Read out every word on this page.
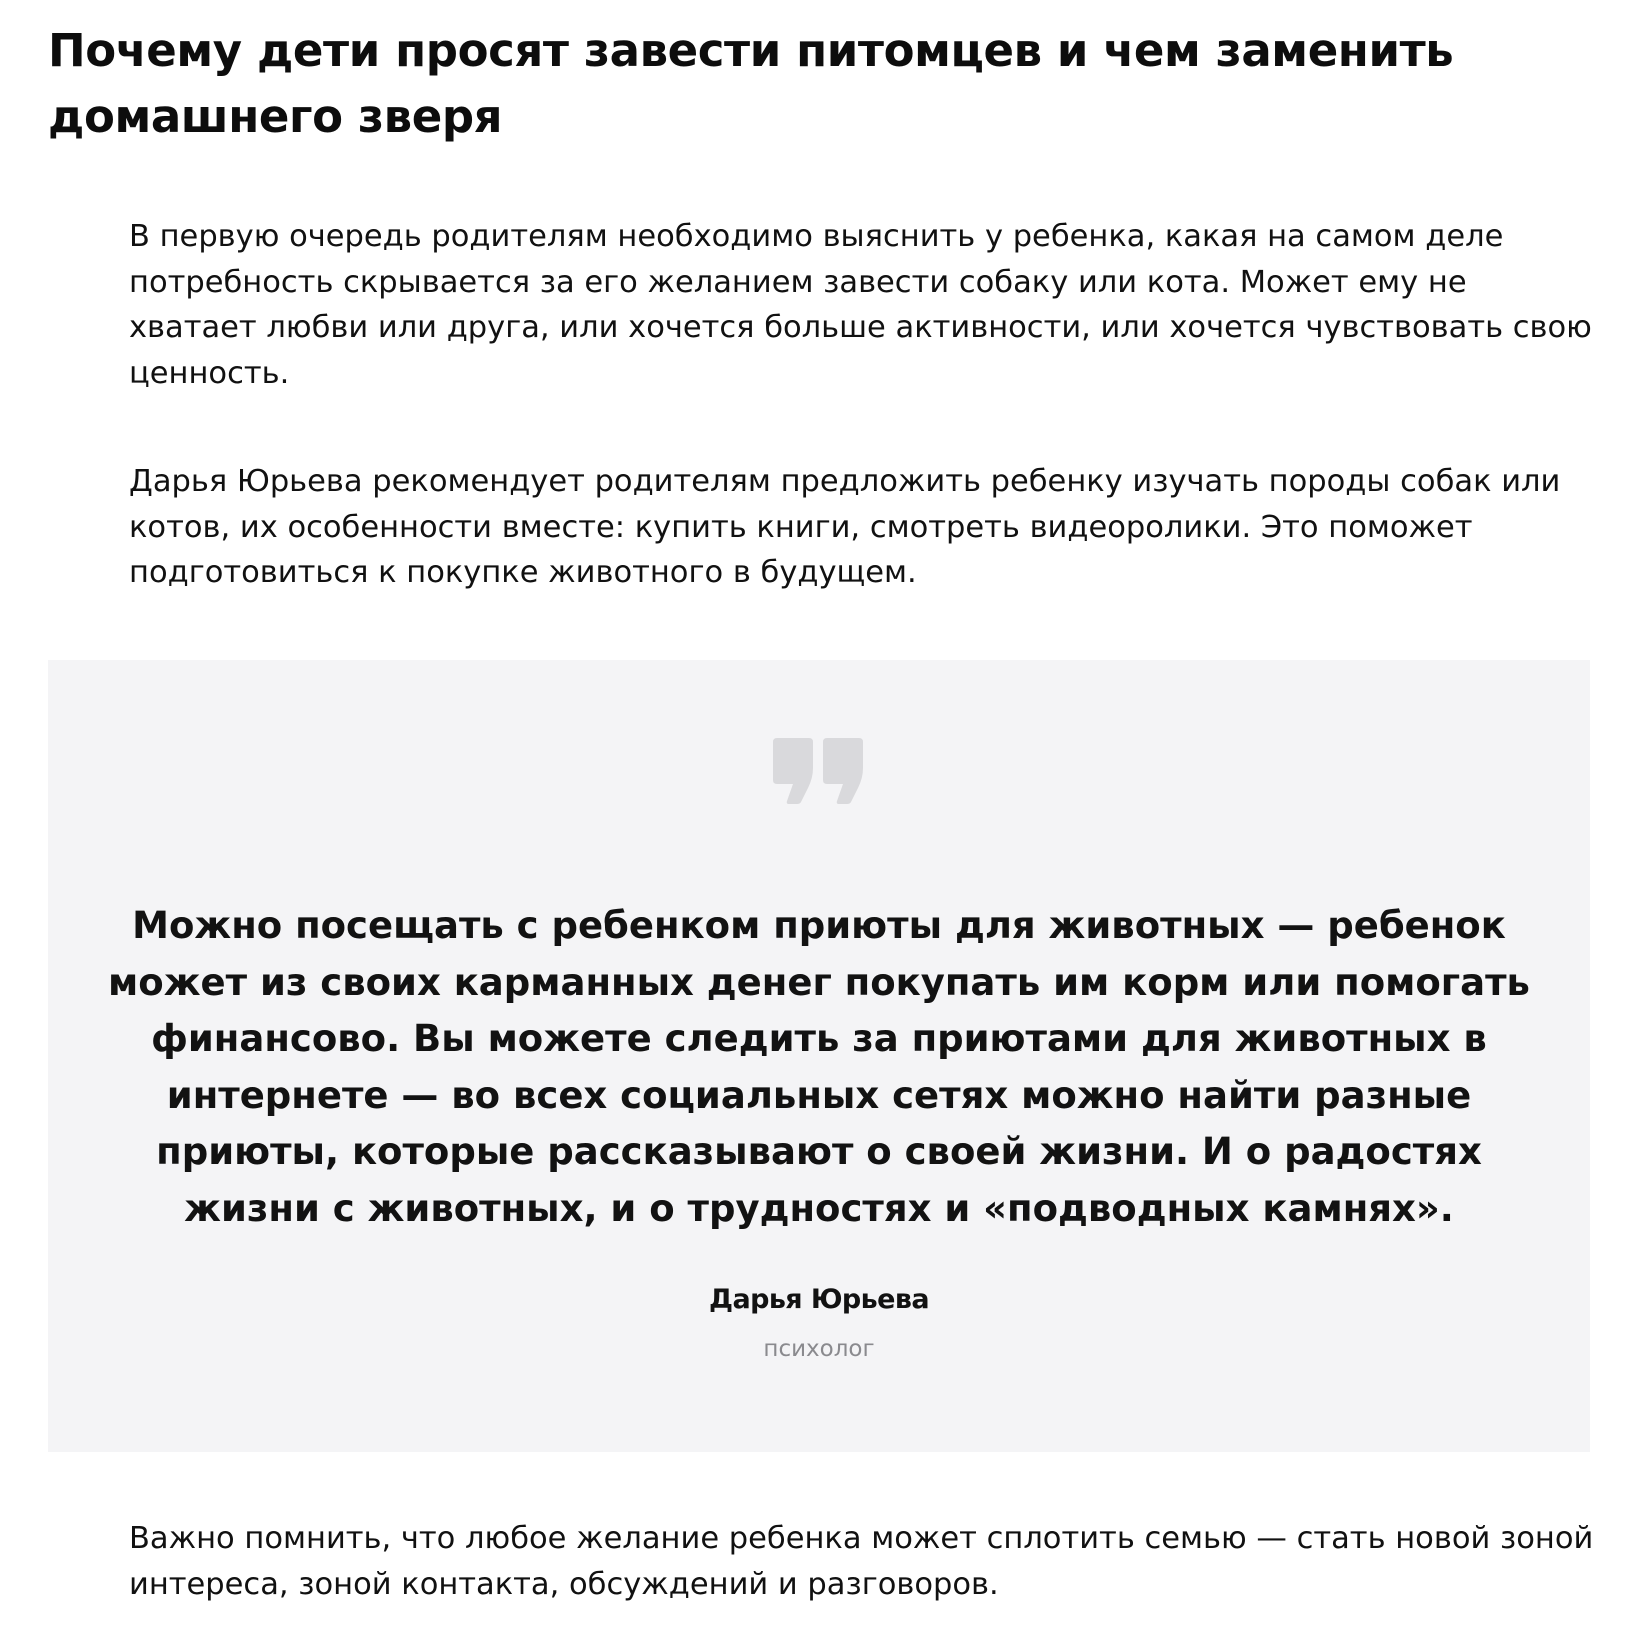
Почему дети просят завести питомцев и чем заменить домашнего зверя

В первую очередь родителям необходимо выяснить у ребенка, какая на самом деле потребность скрывается за его желанием завести собаку или кота. Может ему не хватает любви или друга, или хочется больше активности, или хочется чувствовать свою ценность.

Дарья Юрьева рекомендует родителям предложить ребенку изучать породы собак или котов, их особенности вместе: купить книги, смотреть видеоролики. Это поможет подготовиться к покупке животного в будущем.

Можно посещать с ребенком приюты для животных — ребенок может из своих карманных денег покупать им корм или помогать финансово. Вы можете следить за приютами для животных в интернете — во всех социальных сетях можно найти разные приюты, которые рассказывают о своей жизни. И о радостях жизни с животных, и о трудностях и «подводных камнях».

Дарья Юрьева
психолог

Важно помнить, что любое желание ребенка может сплотить семью — стать новой зоной интереса, зоной контакта, обсуждений и разговоров.
